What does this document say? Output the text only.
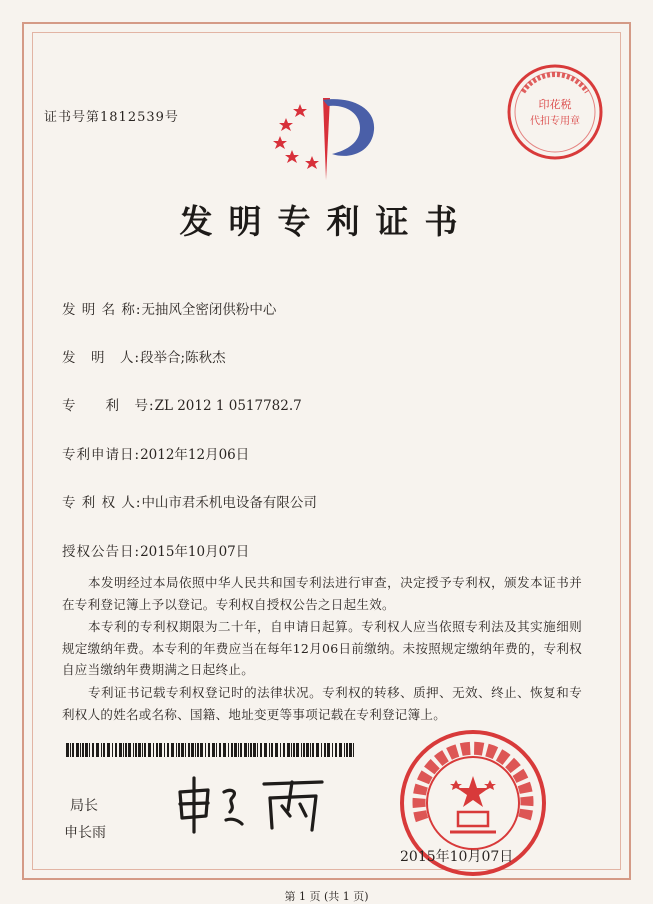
证书号第1812539号
发明专利证书
发 明 名 称:无抽风全密闭供粉中心
发　明　人:段举合;陈秋杰
专　　利　号:ZL 2012 1 0517782.7
专利申请日:2012年12月06日
专 利 权 人:中山市君禾机电设备有限公司
授权公告日:2015年10月07日
本发明经过本局依照中华人民共和国专利法进行审查，决定授予专利权，颁发本证书并在专利登记簿上予以登记。专利权自授权公告之日起生效。
本专利的专利权期限为二十年，自申请日起算。专利权人应当依照专利法及其实施细则规定缴纳年费。本专利的年费应当在每年12月06日前缴纳。未按照规定缴纳年费的，专利权自应当缴纳年费期满之日起终止。
专利证书记载专利权登记时的法律状况。专利权的转移、质押、无效、终止、恢复和专利权人的姓名或名称、国籍、地址变更等事项记载在专利登记簿上。
局长
申长雨
印花税
代扣专用章
2015年10月07日
第 1 页 (共 1 页)
